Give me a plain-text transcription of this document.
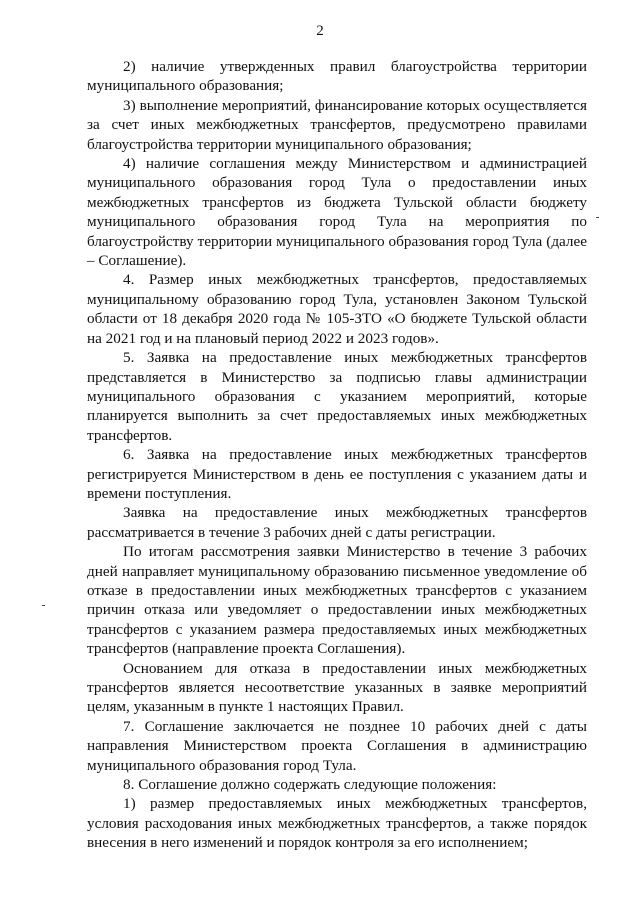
2

2) наличие утвержденных правил благоустройства территории муниципального образования;

3) выполнение мероприятий, финансирование которых осуществляется за счет иных межбюджетных трансфертов, предусмотрено правилами благоустройства территории муниципального образования;

4) наличие соглашения между Министерством и администрацией муниципального образования город Тула о предоставлении иных межбюджетных трансфертов из бюджета Тульской области бюджету муниципального образования город Тула на мероприятия по благоустройству территории муниципального образования город Тула (далее – Соглашение).

4. Размер иных межбюджетных трансфертов, предоставляемых муниципальному образованию город Тула, установлен Законом Тульской области от 18 декабря 2020 года № 105-ЗТО «О бюджете Тульской области на 2021 год и на плановый период 2022 и 2023 годов».

5. Заявка на предоставление иных межбюджетных трансфертов представляется в Министерство за подписью главы администрации муниципального образования с указанием мероприятий, которые планируется выполнить за счет предоставляемых иных межбюджетных трансфертов.

6. Заявка на предоставление иных межбюджетных трансфертов регистрируется Министерством в день ее поступления с указанием даты и времени поступления.

Заявка на предоставление иных межбюджетных трансфертов рассматривается в течение 3 рабочих дней с даты регистрации.

По итогам рассмотрения заявки Министерство в течение 3 рабочих дней направляет муниципальному образованию письменное уведомление об отказе в предоставлении иных межбюджетных трансфертов с указанием причин отказа или уведомляет о предоставлении иных межбюджетных трансфертов с указанием размера предоставляемых иных межбюджетных трансфертов (направление проекта Соглашения).

Основанием для отказа в предоставлении иных межбюджетных трансфертов является несоответствие указанных в заявке мероприятий целям, указанным в пункте 1 настоящих Правил.

7. Соглашение заключается не позднее 10 рабочих дней с даты направления Министерством проекта Соглашения в администрацию муниципального образования город Тула.

8. Соглашение должно содержать следующие положения:

1) размер предоставляемых иных межбюджетных трансфертов, условия расходования иных межбюджетных трансфертов, а также порядок внесения в него изменений и порядок контроля за его исполнением;
